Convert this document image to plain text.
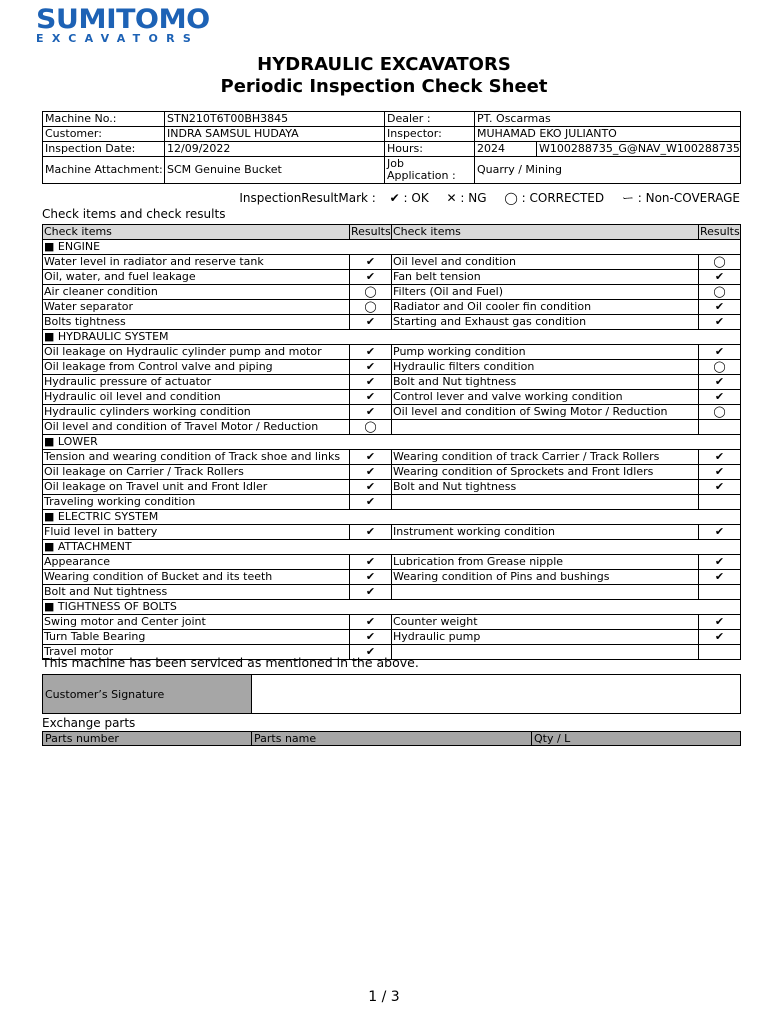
SUMITOMO
EXCAVATORS
HYDRAULIC EXCAVATORS
Periodic Inspection Check Sheet
Machine No.:	STN210T6T00BH3845	Dealer :	PT. Oscarmas	
Customer:	INDRA SAMSUL HUDAYA	Inspector:	MUHAMAD EKO JULIANTO	
Inspection Date:	12/09/2022	Hours:	2024	W100288735_G@NAV_W100288735
Machine Attachment:	SCM Genuine Bucket	Job
Application :	Quarry / Mining	
InspectionResultMark : ✔ : OK ✕ : NG ◯ : CORRECTED ー : Non-COVERAGE
Check items and check results
Check items	Results	Check items	Results
■ ENGINE			
Water level in radiator and reserve tank	✔	Oil level and condition	◯
Oil, water, and fuel leakage	✔	Fan belt tension	✔
Air cleaner condition	◯	Filters (Oil and Fuel)	◯
Water separator	◯	Radiator and Oil cooler fin condition	✔
Bolts tightness	✔	Starting and Exhaust gas condition	✔
■ HYDRAULIC SYSTEM			
Oil leakage on Hydraulic cylinder pump and motor	✔	Pump working condition	✔
Oil leakage from Control valve and piping	✔	Hydraulic filters condition	◯
Hydraulic pressure of actuator	✔	Bolt and Nut tightness	✔
Hydraulic oil level and condition	✔	Control lever and valve working condition	✔
Hydraulic cylinders working condition	✔	Oil level and condition of Swing Motor / Reduction	◯
Oil level and condition of Travel Motor / Reduction	◯		
■ LOWER			
Tension and wearing condition of Track shoe and links	✔	Wearing condition of track Carrier / Track Rollers	✔
Oil leakage on Carrier / Track Rollers	✔	Wearing condition of Sprockets and Front Idlers	✔
Oil leakage on Travel unit and Front Idler	✔	Bolt and Nut tightness	✔
Traveling working condition	✔		
■ ELECTRIC SYSTEM			
Fluid level in battery	✔	Instrument working condition	✔
■ ATTACHMENT			
Appearance	✔	Lubrication from Grease nipple	✔
Wearing condition of Bucket and its teeth	✔	Wearing condition of Pins and bushings	✔
Bolt and Nut tightness	✔		
■ TIGHTNESS OF BOLTS			
Swing motor and Center joint	✔	Counter weight	✔
Turn Table Bearing	✔	Hydraulic pump	✔
Travel motor	✔		
This machine has been serviced as mentioned in the above.
Customer’s Signature	
Exchange parts
Parts number	Parts name	Qty / L
1 / 3
